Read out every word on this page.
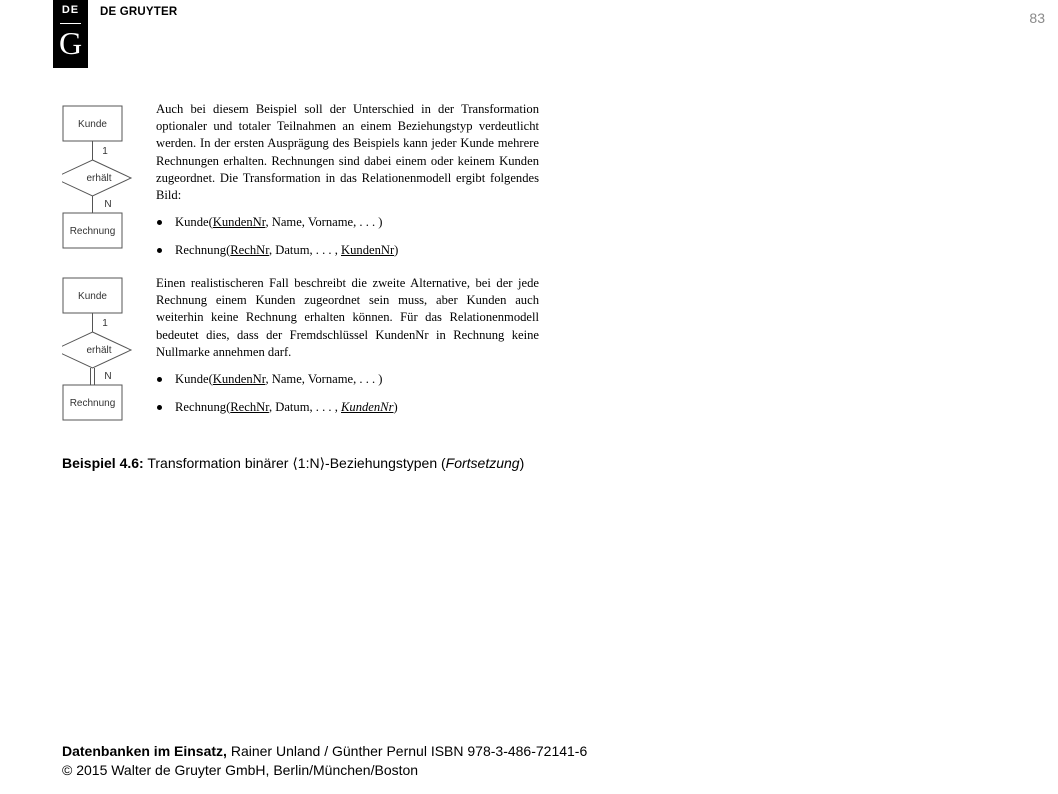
DE
G
DE GRUYTER	83
Kunde
1
erhält
N
Rechnung

Auch bei diesem Beispiel soll der Unterschied in der Transformation optionaler und totaler Teilnahmen an einem Beziehungstyp verdeutlicht werden. In der ersten Ausprägung des Beispiels kann jeder Kunde mehrere Rechnungen erhalten. Rechnungen sind dabei einem oder keinem Kunden zugeordnet. Die Transformation in das Relationenmodell ergibt folgendes Bild:

Kunde(KundenNr, Name, Vorname, . . . )
Rechnung(RechNr, Datum, . . . , KundenNr)
Kunde
1
erhält
N
Rechnung

Einen realistischeren Fall beschreibt die zweite Alternative, bei der jede Rechnung einem Kunden zugeordnet sein muss, aber Kunden auch weiterhin keine Rechnung erhalten können. Für das Relationenmodell bedeutet dies, dass der Fremdschlüssel KundenNr in Rechnung keine Nullmarke annehmen darf.

Kunde(KundenNr, Name, Vorname, . . . )
Rechnung(RechNr, Datum, . . . , KundenNr)
Beispiel 4.6: Transformation binärer ⟨1:N⟩-Beziehungstypen (Fortsetzung)
Datenbanken im Einsatz, Rainer Unland / Günther Pernul ISBN 978-3-486-72141-6
© 2015 Walter de Gruyter GmbH, Berlin/München/Boston
